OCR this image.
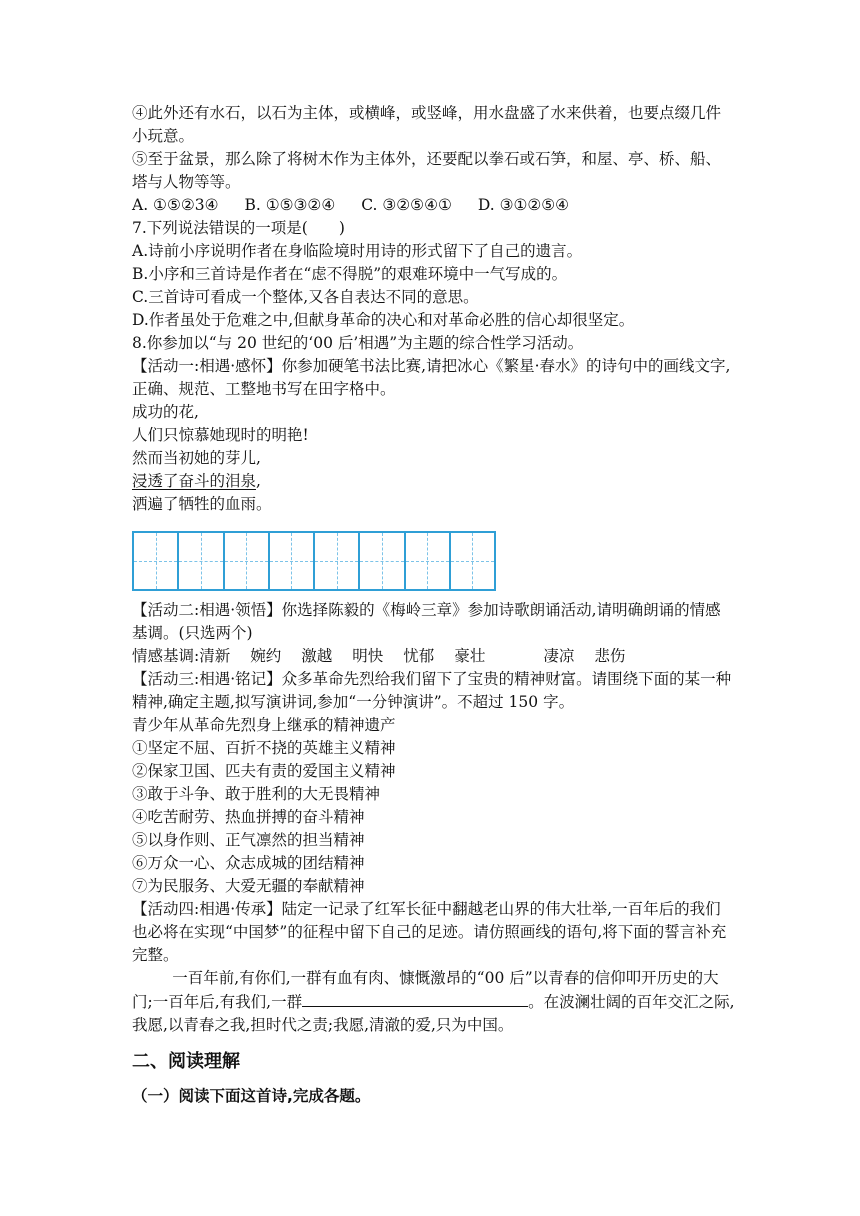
④此外还有水石，以石为主体，或横峰，或竖峰，用水盘盛了水来供着，也要点缀几件小玩意。
⑤至于盆景，那么除了将树木作为主体外，还要配以拳石或石笋，和屋、亭、桥、船、塔与人物等等。
A. ①⑤②3④ B. ①⑤③②④ C. ③②⑤④① D. ③①②⑤④
7.下列说法错误的一项是(　　)
A.诗前小序说明作者在身临险境时用诗的形式留下了自己的遗言。
B.小序和三首诗是作者在“虑不得脱”的艰难环境中一气写成的。
C.三首诗可看成一个整体,又各自表达不同的意思。
D.作者虽处于危难之中,但献身革命的决心和对革命必胜的信心却很坚定。
8.你参加以“与 20 世纪的‘00 后’相遇”为主题的综合性学习活动。
【活动一:相遇·感怀】你参加硬笔书法比赛,请把冰心《繁星·春水》的诗句中的画线文字,正确、规范、工整地书写在田字格中。
成功的花,
人们只惊慕她现时的明艳!
然而当初她的芽儿,
浸透了奋斗的泪泉,
洒遍了牺牲的血雨。
【活动二:相遇·领悟】你选择陈毅的《梅岭三章》参加诗歌朗诵活动,请明确朗诵的情感基调。(只选两个)
情感基调:清新 婉约 激越 明快 忧郁 豪壮	凄凉 悲伤
【活动三:相遇·铭记】众多革命先烈给我们留下了宝贵的精神财富。请围绕下面的某一种精神,确定主题,拟写演讲词,参加“一分钟演讲”。不超过 150 字。
青少年从革命先烈身上继承的精神遗产
①坚定不屈、百折不挠的英雄主义精神
②保家卫国、匹夫有责的爱国主义精神
③敢于斗争、敢于胜利的大无畏精神
④吃苦耐劳、热血拼搏的奋斗精神
⑤以身作则、正气凛然的担当精神
⑥万众一心、众志成城的团结精神
⑦为民服务、大爱无疆的奉献精神
【活动四:相遇·传承】陆定一记录了红军长征中翻越老山界的伟大壮举,一百年后的我们也必将在实现“中国梦”的征程中留下自己的足迹。请仿照画线的语句,将下面的誓言补充完整。
一百年前,有你们,一群有血有肉、慷慨激昂的“00 后”以青春的信仰叩开历史的大门;一百年后,有我们,一群	。在波澜壮阔的百年交汇之际,我愿,以青春之我,担时代之责;我愿,清澈的爱,只为中国。
二、阅读理解
（一）阅读下面这首诗,完成各题。
